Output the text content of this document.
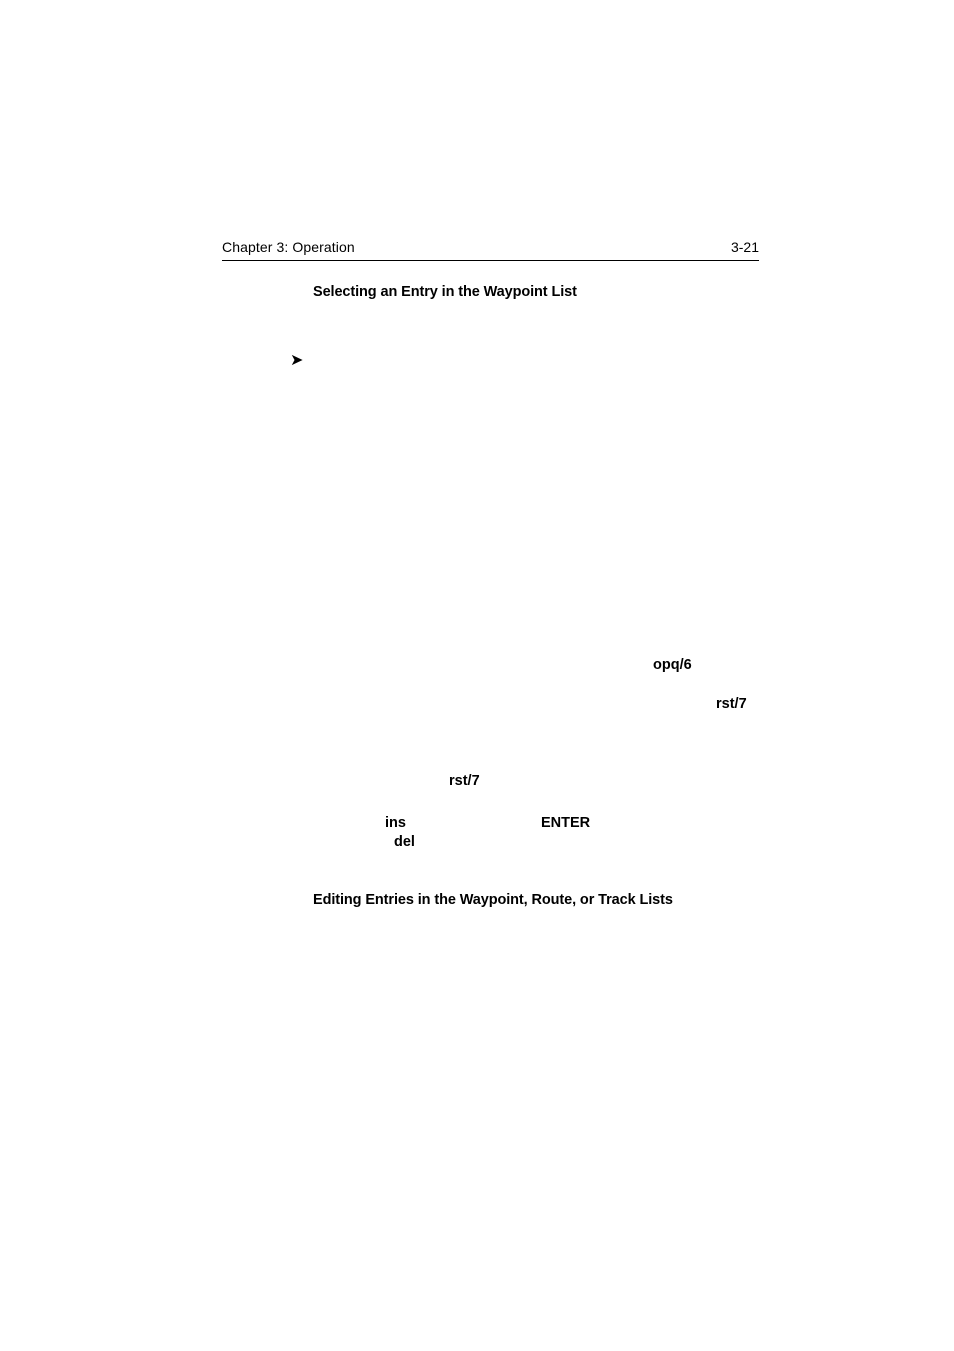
Chapter 3: Operation	3-21
Selecting an Entry in the Waypoint List
➤
opq/6
rst/7
rst/7
ins	ENTER
del
Editing Entries in the Waypoint, Route, or Track Lists
